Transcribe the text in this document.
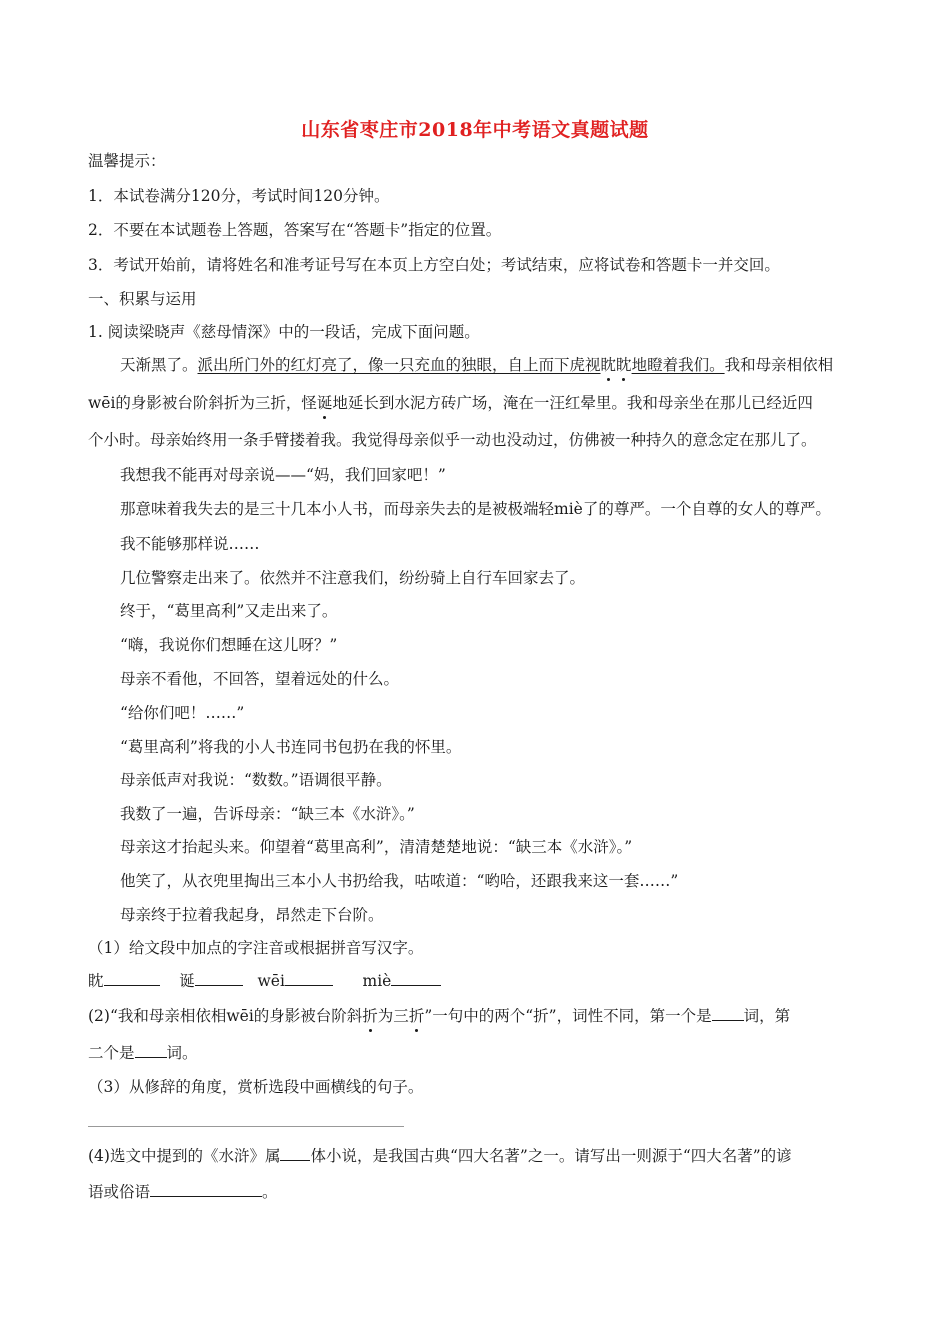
山东省枣庄市2018年中考语文真题试题
温馨提示：
1．本试卷满分120分，考试时间120分钟。
2．不要在本试题卷上答题，答案写在“答题卡”指定的位置。
3．考试开始前，请将姓名和准考证号写在本页上方空白处；考试结束，应将试卷和答题卡一并交回。
一、积累与运用
1. 阅读梁晓声《慈母情深》中的一段话，完成下面问题。
天渐黑了。派出所门外的红灯亮了，像一只充血的独眼，自上而下虎视眈眈地瞪着我们。我和母亲相依相
wēi的身影被台阶斜折为三折，怪诞地延长到水泥方砖广场，淹在一汪红晕里。我和母亲坐在那儿已经近四
个小时。母亲始终用一条手臂搂着我。我觉得母亲似乎一动也没动过，仿佛被一种持久的意念定在那儿了。
我想我不能再对母亲说——“妈，我们回家吧！”
那意味着我失去的是三十几本小人书，而母亲失去的是被极端轻miè了的尊严。一个自尊的女人的尊严。
我不能够那样说……
几位警察走出来了。依然并不注意我们，纷纷骑上自行车回家去了。
终于，“葛里高利”又走出来了。
“嗨，我说你们想睡在这儿呀？”
母亲不看他，不回答，望着远处的什么。
“给你们吧！……”
“葛里高利”将我的小人书连同书包扔在我的怀里。
母亲低声对我说：“数数。”语调很平静。
我数了一遍，告诉母亲：“缺三本《水浒》。”
母亲这才抬起头来。仰望着“葛里高利”，清清楚楚地说：“缺三本《水浒》。”
他笑了，从衣兜里掏出三本小人书扔给我，咕哝道：“哟哈，还跟我来这一套……”
母亲终于拉着我起身，昂然走下台阶。
（1）给文段中加点的字注音或根据拼音写汉字。
眈	诞	wēi	miè
(2)“我和母亲相依相wēi的身影被台阶斜折为三折”一句中的两个“折”，词性不同，第一个是 词，第
二个是 词。
（3）从修辞的角度，赏析选段中画横线的句子。
(4)选文中提到的《水浒》属 体小说，是我国古典“四大名著”之一。请写出一则源于“四大名著”的谚
语或俗语	。
